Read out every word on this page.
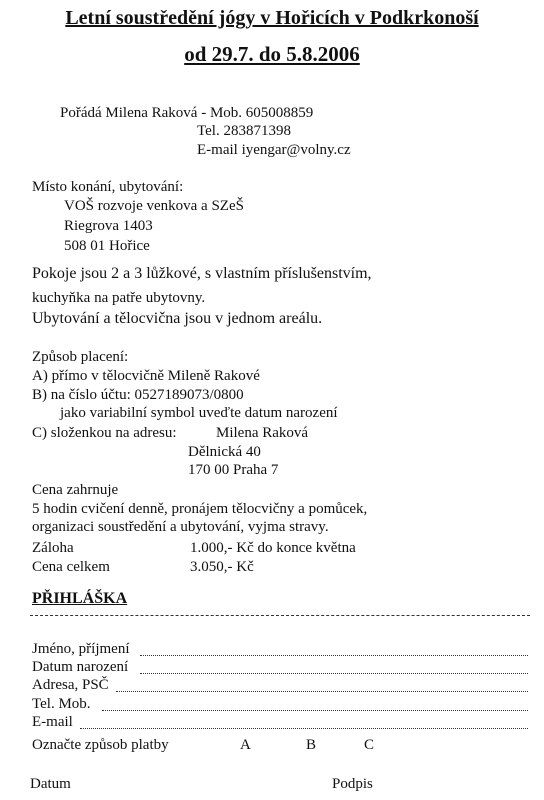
Letní soustředění jógy v Hořicích v Podkrkonoší
od 29.7. do 5.8.2006
Pořádá Milena Raková - Mob. 605008859
Tel. 283871398
E-mail iyengar@volny.cz
Místo konání, ubytování:
VOŠ rozvoje venkova a SZeŠ
Riegrova 1403
508 01 Hořice
Pokoje jsou 2 a 3 lůžkové, s vlastním příslušenstvím,
kuchyňka na patře ubytovny.
Ubytování a tělocvična jsou v jednom areálu.
Způsob placení:
A) přímo v tělocvičně Mileně Rakové
B) na číslo účtu: 0527189073/0800
jako variabilní symbol uveďte datum narození
C) složenkou na adresu:	Milena Raková
Dělnická 40
170 00 Praha 7
Cena zahrnuje
5 hodin cvičení denně, pronájem tělocvičny a pomůcek,
organizaci soustředění a ubytování, vyjma stravy.
Záloha	1.000,- Kč do konce května
Cena celkem	3.050,- Kč
PŘIHLÁŠKA
Jméno, příjmení
Datum narození
Adresa, PSČ
Tel. Mob.
E-mail
Označte způsob platby	A	B	C
Datum	Podpis
